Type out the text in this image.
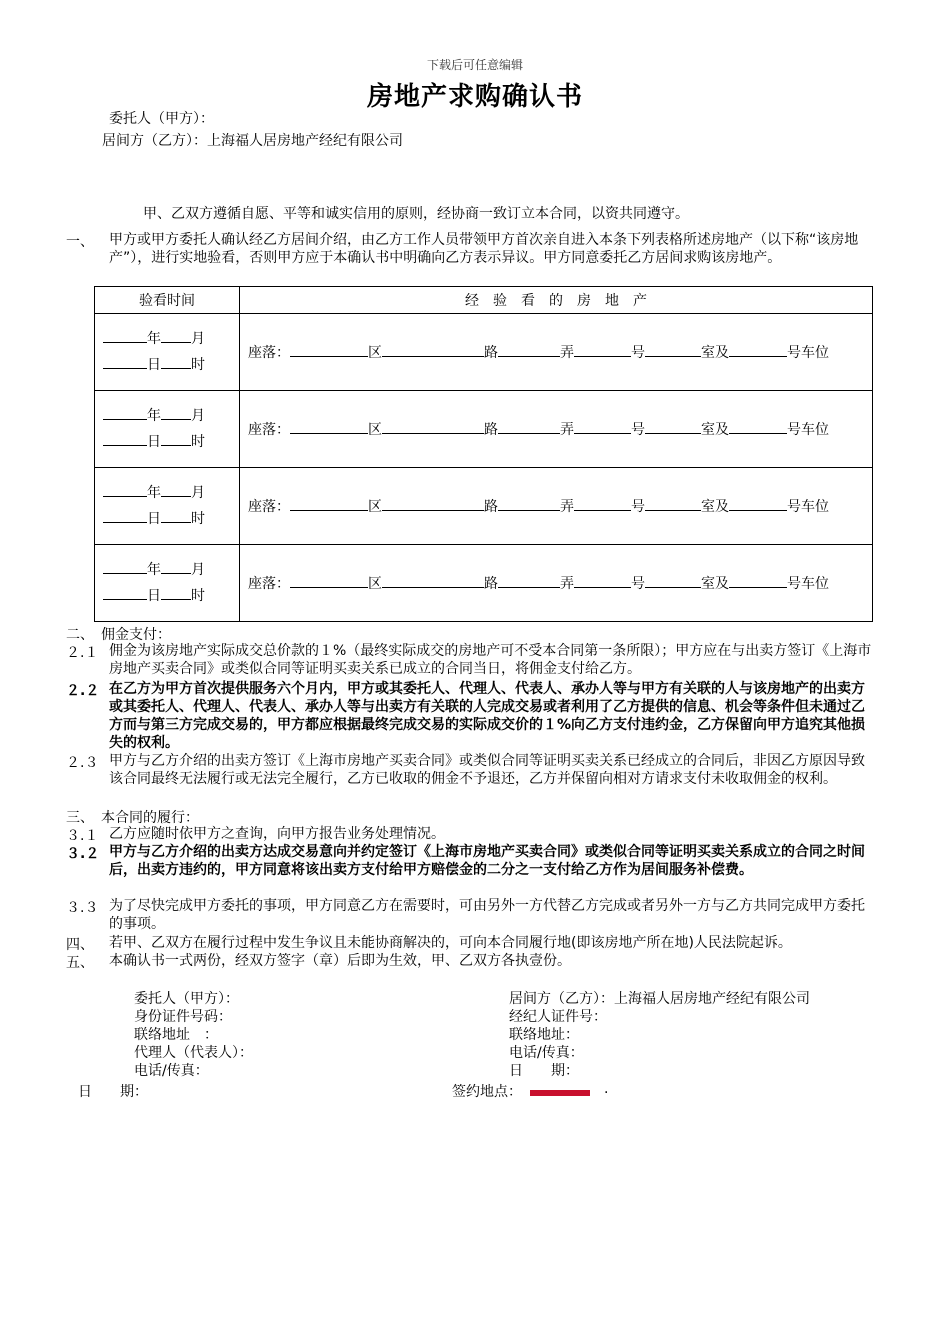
下载后可任意编辑
房地产求购确认书
委托人（甲方）：
居间方（乙方）：上海福人居房地产经纪有限公司
甲、乙双方遵循自愿、平等和诚实信用的原则，经协商一致订立本合同，以资共同遵守。
一、 甲方或甲方委托人确认经乙方居间介绍，由乙方工作人员带领甲方首次亲自进入本条下列表格所述房地产（以下称“该房地产”），进行实地验看，否则甲方应于本确认书中明确向乙方表示异议。甲方同意委托乙方居间求购该房地产。
验看时间	经　验　看　的　房　地　产

年 月
日 时	座落： 区 路 弄 号 室及 号车位

年 月
日 时	座落： 区 路 弄 号 室及 号车位

年 月
日 时	座落： 区 路 弄 号 室及 号车位

年 月
日 时	座落： 区 路 弄 号 室及 号车位
二、　佣金支付：
２.１ 佣金为该房地产实际成交总价款的１%（最终实际成交的房地产可不受本合同第一条所限）；甲方应在与出卖方签订《上海市房地产买卖合同》或类似合同等证明买卖关系已成立的合同当日，将佣金支付给乙方。
２.２ 在乙方为甲方首次提供服务六个月内，甲方或其委托人、代理人、代表人、承办人等与甲方有关联的人与该房地产的出卖方或其委托人、代理人、代表人、承办人等与出卖方有关联的人完成交易或者利用了乙方提供的信息、机会等条件但未通过乙方而与第三方完成交易的，甲方都应根据最终完成交易的实际成交价的１%向乙方支付违约金，乙方保留向甲方追究其他损失的权利。
２.３ 甲方与乙方介绍的出卖方签订《上海市房地产买卖合同》或类似合同等证明买卖关系已经成立的合同后，非因乙方原因导致该合同最终无法履行或无法完全履行，乙方已收取的佣金不予退还，乙方并保留向相对方请求支付未收取佣金的权利。
三、　本合同的履行：
３.１ 乙方应随时依甲方之查询，向甲方报告业务处理情况。
３.２ 甲方与乙方介绍的出卖方达成交易意向并约定签订《上海市房地产买卖合同》或类似合同等证明买卖关系成立的合同之时间后，出卖方违约的，甲方同意将该出卖方支付给甲方赔偿金的二分之一支付给乙方作为居间服务补偿费。
３.３ 为了尽快完成甲方委托的事项，甲方同意乙方在需要时，可由另外一方代替乙方完成或者另外一方与乙方共同完成甲方委托的事项。
四、 若甲、乙双方在履行过程中发生争议且未能协商解决的，可向本合同履行地(即该房地产所在地)人民法院起诉。
五、 本确认书一式两份，经双方签字（章）后即为生效，甲、乙双方各执壹份。
委托人（甲方）：
身份证件号码：
联络地址　：
代理人（代表人）：
电话/传真：
居间方（乙方）：上海福人居房地产经纪有限公司
经纪人证件号：
联络地址：
电话/传真：
日　　期：
日　　期：	签约地点：	.
